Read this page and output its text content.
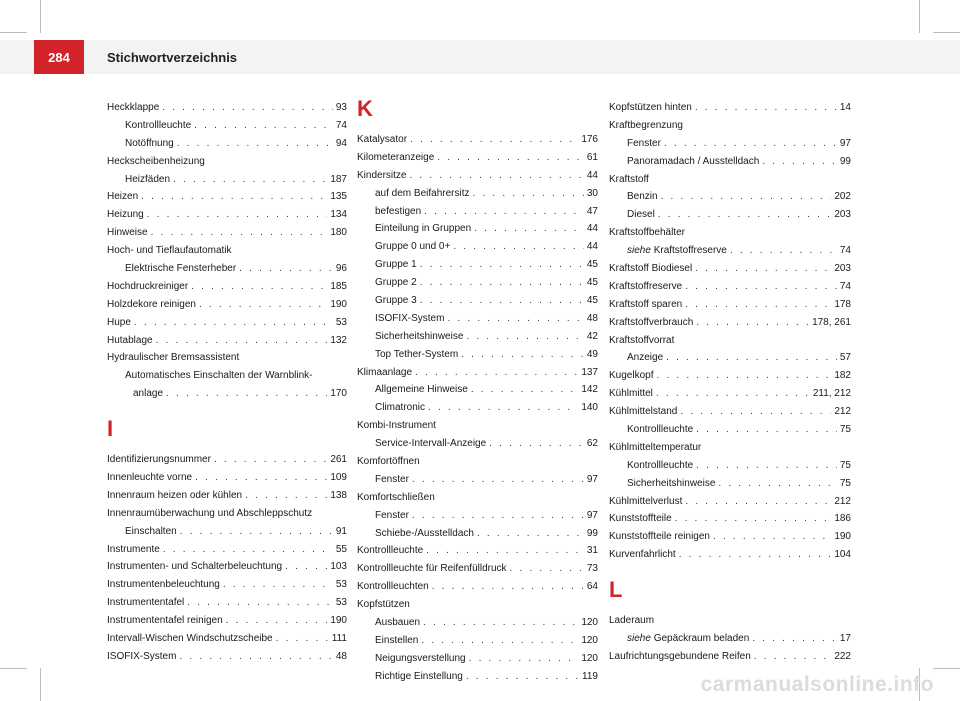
284	Stichwortverzeichnis
Heckklappe . . .	93
Kontrollleuchte . . .	74
Notöffnung . . .	94
Heckscheibenheizung
Heizfäden . . .	187
Heizen . . .	135
Heizung . . .	134
Hinweise . . .	180
Hoch- und Tieflaufautomatik
Elektrische Fensterheber . . .	96
Hochdruckreiniger . . .	185
Holzdekore reinigen . . .	190
Hupe . . .	53
Hutablage . . .	132
Hydraulischer Bremsassistent
Automatisches Einschalten der Warnblink-
anlage . . .	170
I
Identifizierungsnummer . . .	261
Innenleuchte vorne . . .	109
Innenraum heizen oder kühlen . . .	138
Innenraumüberwachung und Abschleppschutz
Einschalten . . .	91
Instrumente . . .	55
Instrumenten- und Schalterbeleuchtung . . .	103
Instrumentenbeleuchtung . . .	53
Instrumententafel . . .	53
Instrumententafel reinigen . . .	190
Intervall-Wischen Windschutzscheibe . . .	111
ISOFIX-System . . .	48
K
Katalysator . . .	176
Kilometeranzeige . . .	61
Kindersitze . . .	44
auf dem Beifahrersitz . . .	30
befestigen . . .	47
Einteilung in Gruppen . . .	44
Gruppe 0 und 0+ . . .	44
Gruppe 1 . . .	45
Gruppe 2 . . .	45
Gruppe 3 . . .	45
ISOFIX-System . . .	48
Sicherheitshinweise . . .	42
Top Tether-System . . .	49
Klimaanlage . . .	137
Allgemeine Hinweise . . .	142
Climatronic . . .	140
Kombi-Instrument
Service-Intervall-Anzeige . . .	62
Komfortöffnen
Fenster . . .	97
Komfortschließen
Fenster . . .	97
Schiebe-/Ausstelldach . . .	99
Kontrollleuchte . . .	31
Kontrollleuchte für Reifenfülldruck . . .	73
Kontrollleuchten . . .	64
Kopfstützen
Ausbauen . . .	120
Einstellen . . .	120
Neigungsverstellung . . .	120
Richtige Einstellung . . .	119
Kopfstützen hinten . . .	14
Kraftbegrenzung
Fenster . . .	97
Panoramadach / Ausstelldach . . .	99
Kraftstoff
Benzin . . .	202
Diesel . . .	203
Kraftstoffbehälter
siehe Kraftstoffreserve . . .	74
Kraftstoff Biodiesel . . .	203
Kraftstoffreserve . . .	74
Kraftstoff sparen . . .	178
Kraftstoffverbrauch . . .	178, 261
Kraftstoffvorrat
Anzeige . . .	57
Kugelkopf . . .	182
Kühlmittel . . .	211, 212
Kühlmittelstand . . .	212
Kontrollleuchte . . .	75
Kühlmitteltemperatur
Kontrollleuchte . . .	75
Sicherheitshinweise . . .	75
Kühlmittelverlust . . .	212
Kunststoffteile . . .	186
Kunststoffteile reinigen . . .	190
Kurvenfahrlicht . . .	104
L
Laderaum
siehe Gepäckraum beladen . . .	17
Laufrichtungsgebundene Reifen . . .	222
carmanualsonline.info
